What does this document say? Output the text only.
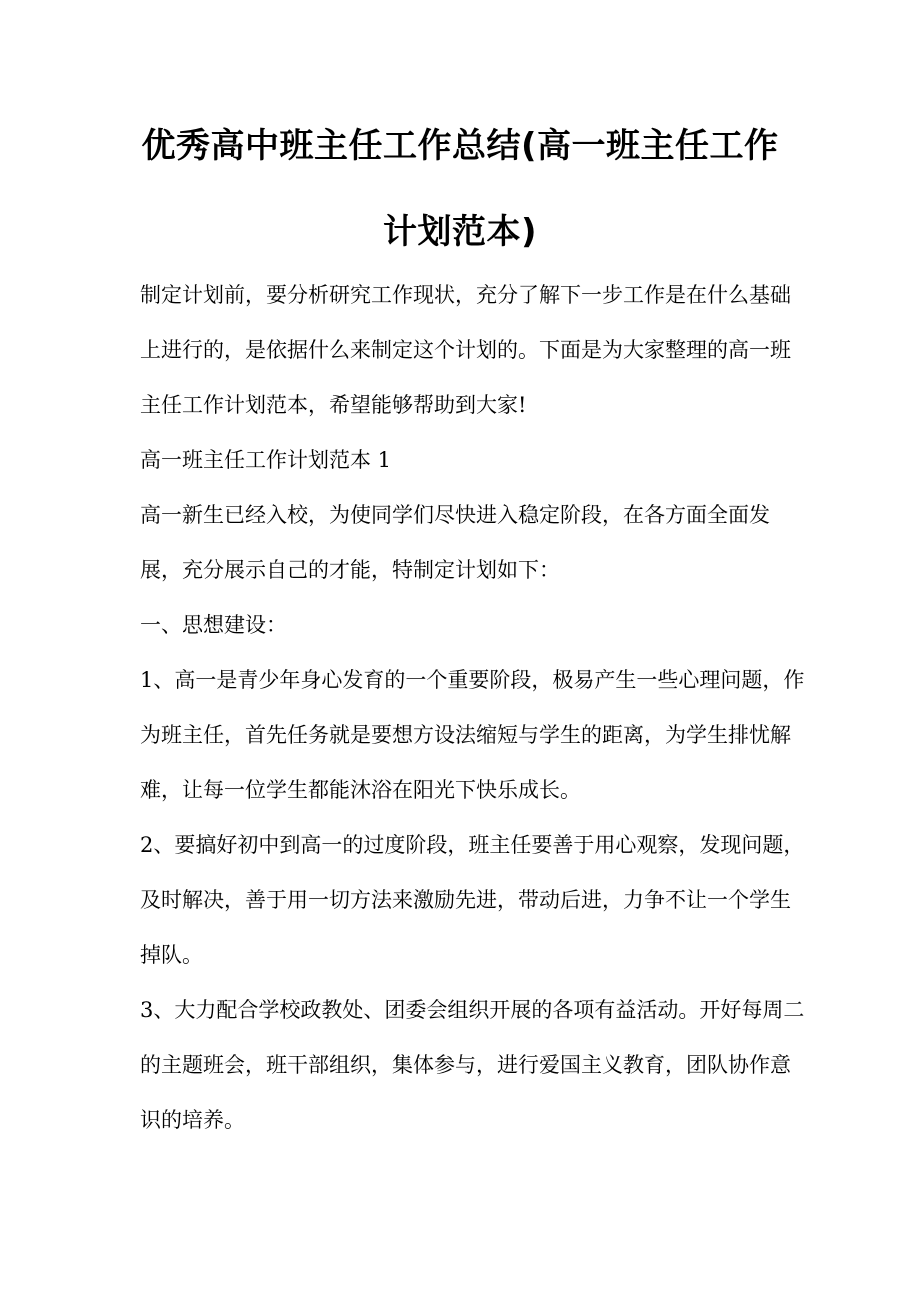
优秀高中班主任工作总结(高一班主任工作计划范本)

制定计划前，要分析研究工作现状，充分了解下一步工作是在什么基础上进行的，是依据什么来制定这个计划的。下面是为大家整理的高一班主任工作计划范本，希望能够帮助到大家!

高一班主任工作计划范本 1

高一新生已经入校，为使同学们尽快进入稳定阶段，在各方面全面发展，充分展示自己的才能，特制定计划如下：

一、思想建设：

1、高一是青少年身心发育的一个重要阶段，极易产生一些心理问题，作为班主任，首先任务就是要想方设法缩短与学生的距离，为学生排忧解难，让每一位学生都能沐浴在阳光下快乐成长。

2、要搞好初中到高一的过度阶段，班主任要善于用心观察，发现问题，及时解决，善于用一切方法来激励先进，带动后进，力争不让一个学生掉队。

3、大力配合学校政教处、团委会组织开展的各项有益活动。开好每周二的主题班会，班干部组织，集体参与，进行爱国主义教育，团队协作意识的培养。
